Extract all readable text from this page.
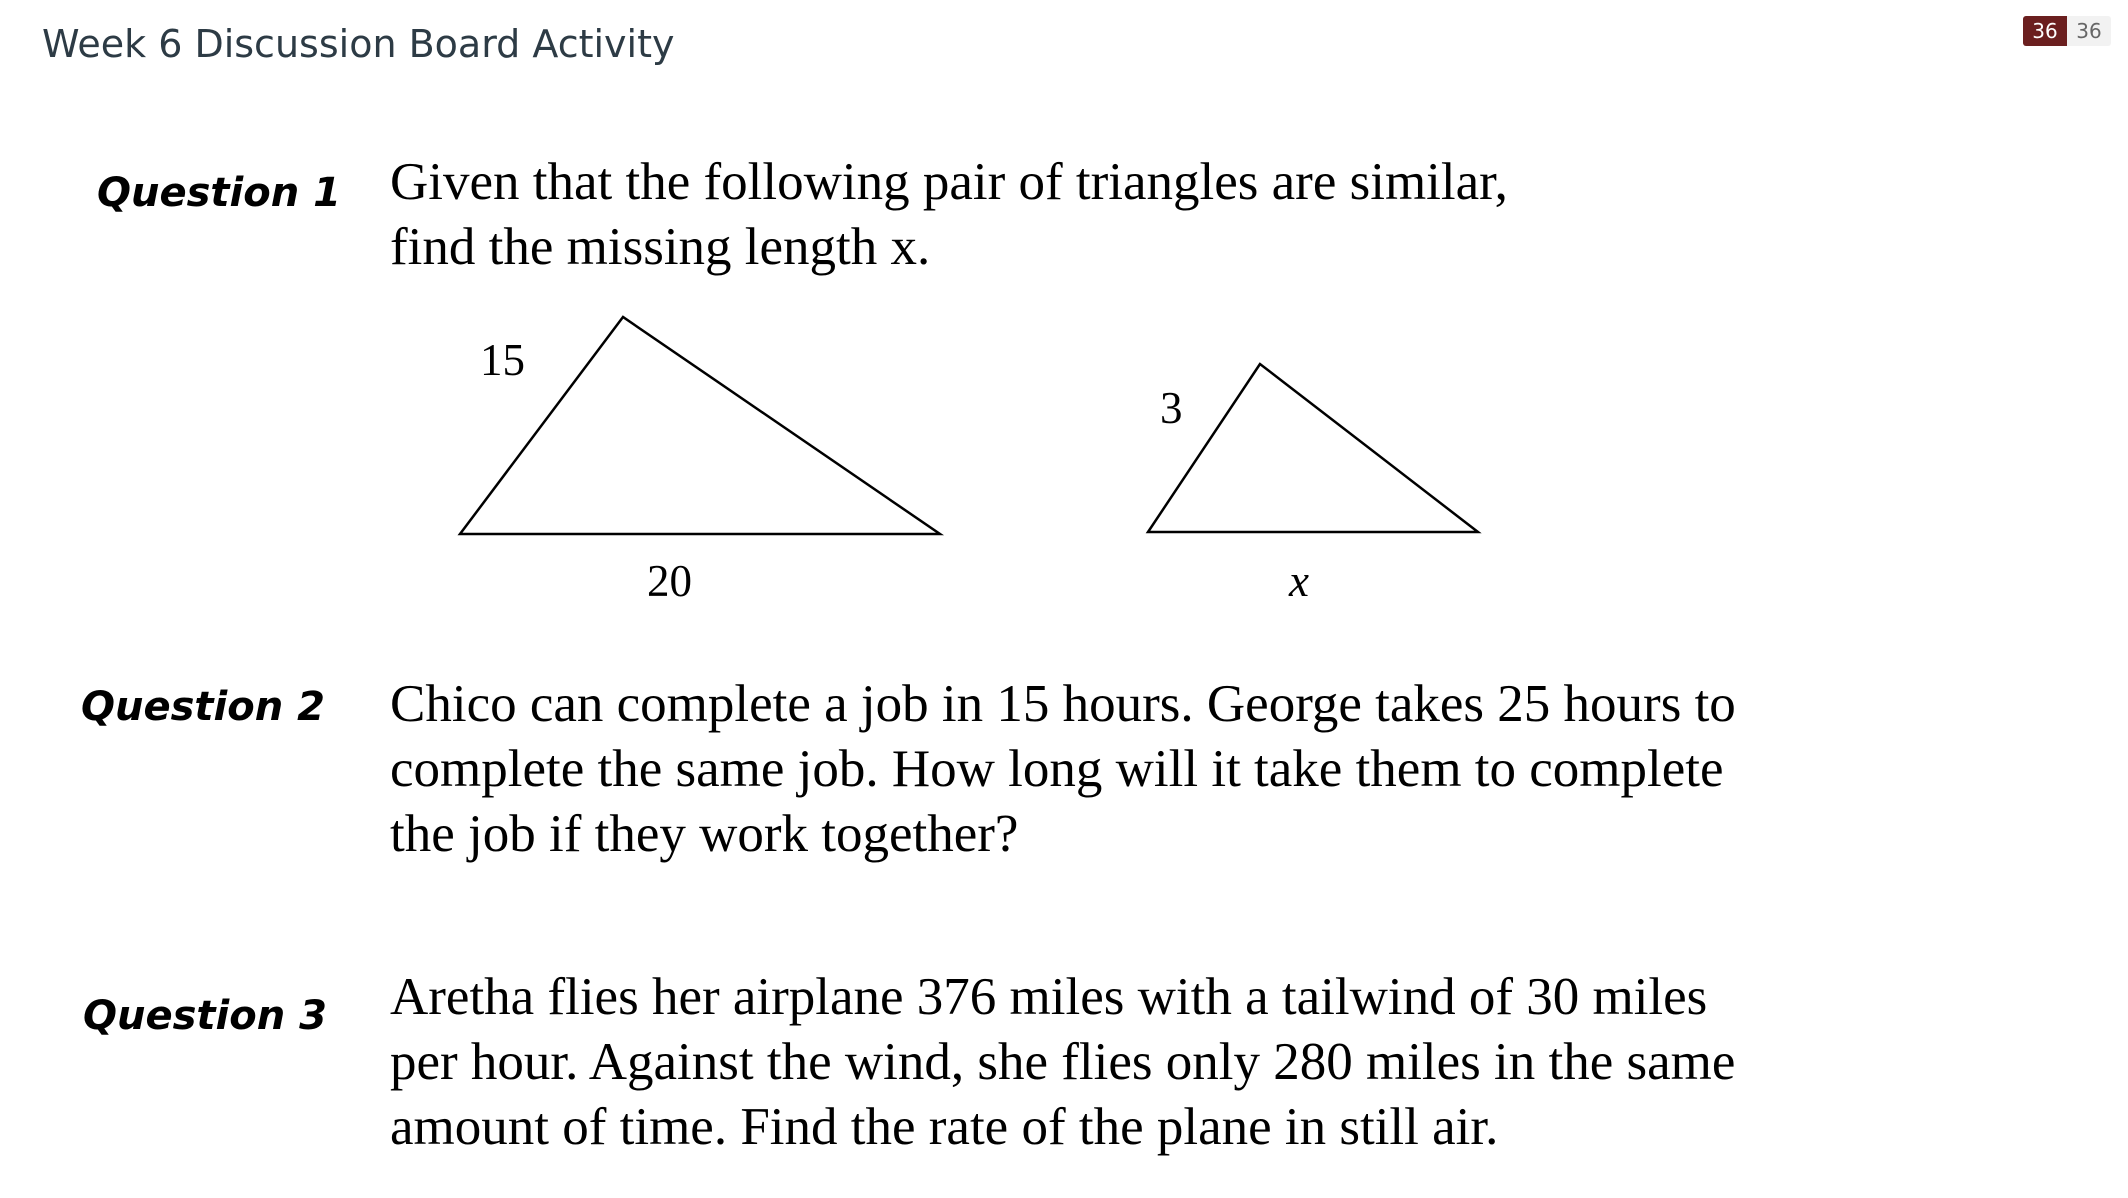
Week 6 Discussion Board Activity	36 36
Question 1 Given that the following pair of triangles are similar,
find the missing length x.
15
20
3
x
Question 2 Chico can complete a job in 15 hours. George takes 25 hours to
complete the same job. How long will it take them to complete
the job if they work together?
Question 3 Aretha flies her airplane 376 miles with a tailwind of 30 miles
per hour. Against the wind, she flies only 280 miles in the same
amount of time. Find the rate of the plane in still air.
